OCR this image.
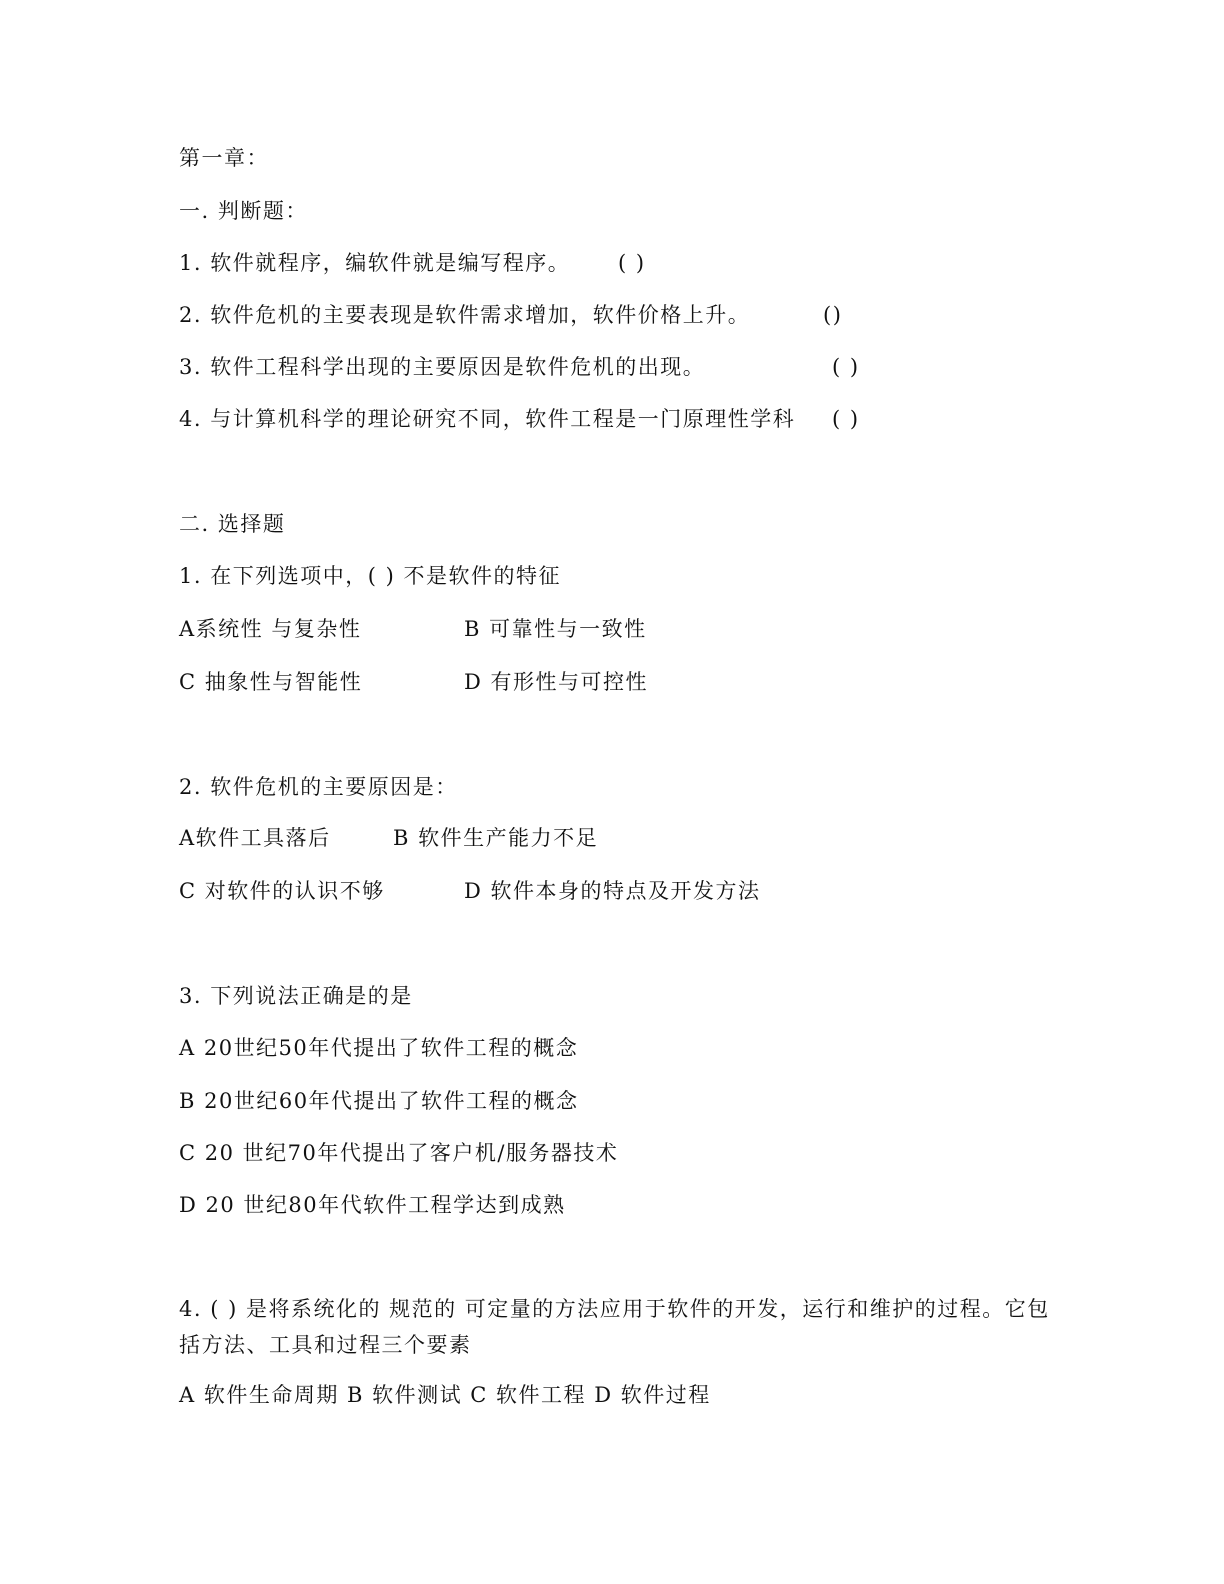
第一章：
一. 判断题：
1. 软件就程序，编软件就是编写程序。 ( )
2. 软件危机的主要表现是软件需求增加，软件价格上升。	()
3. 软件工程科学出现的主要原因是软件危机的出现。	( )
4. 与计算机科学的理论研究不同，软件工程是一门原理性学科 ( )
二. 选择题
1. 在下列选项中，( ) 不是软件的特征
A系统性 与复杂性	B 可靠性与一致性
C 抽象性与智能性	D 有形性与可控性
2. 软件危机的主要原因是：
A软件工具落后	B 软件生产能力不足
C 对软件的认识不够	D 软件本身的特点及开发方法
3. 下列说法正确是的是
A 20世纪50年代提出了软件工程的概念
B 20世纪60年代提出了软件工程的概念
C 20 世纪70年代提出了客户机/服务器技术
D 20 世纪80年代软件工程学达到成熟
4. ( ) 是将系统化的 规范的 可定量的方法应用于软件的开发，运行和维护的过程。它包括方法、工具和过程三个要素
A 软件生命周期 B 软件测试 C 软件工程 D 软件过程
